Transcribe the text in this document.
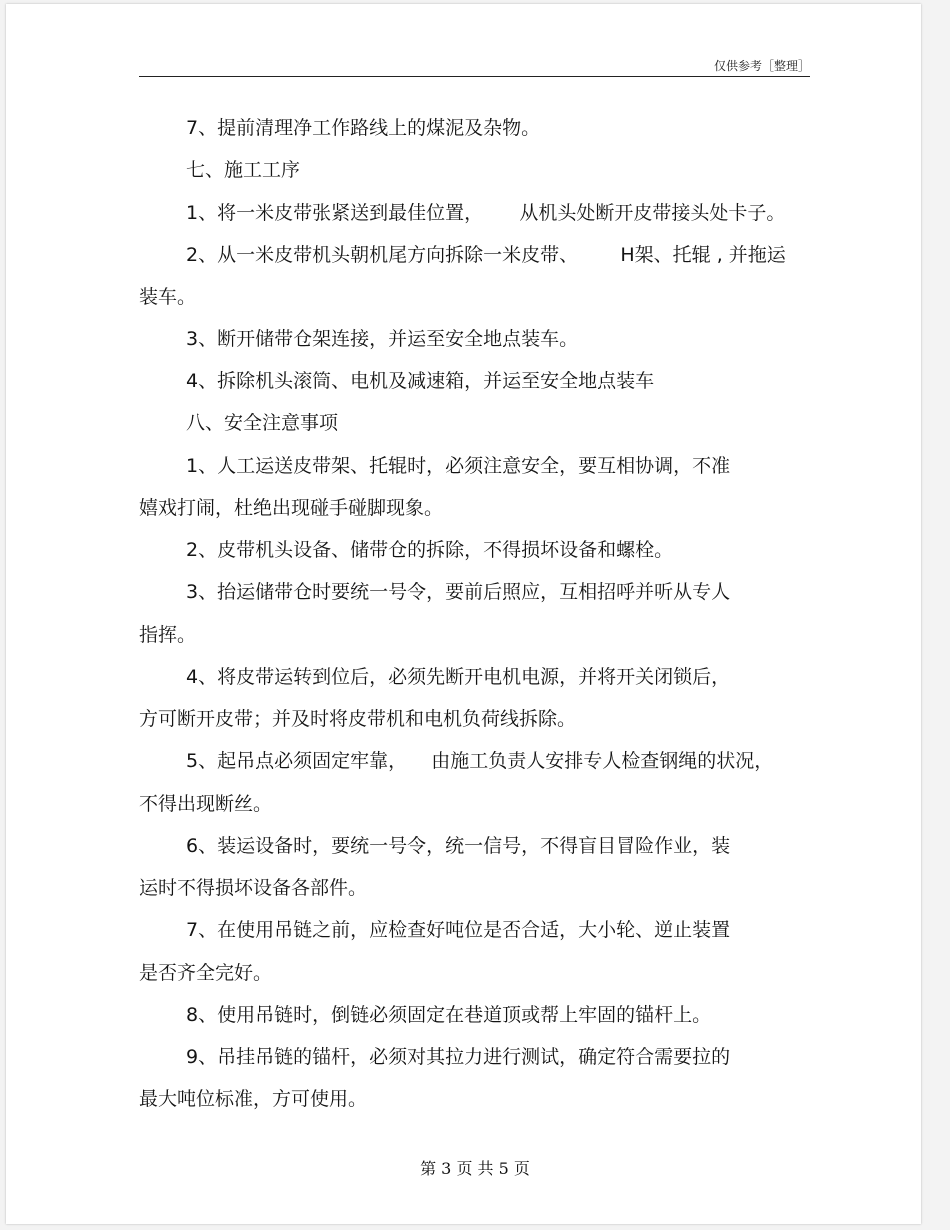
仅供参考［整理］
7、提前清理净工作路线上的煤泥及杂物。
七、施工工序
1、将一米皮带张紧送到最佳位置，      从机头处断开皮带接头处卡子。
2、从一米皮带机头朝机尾方向拆除一米皮带、       H架、托辊 , 并拖运
装车。
3、断开储带仓架连接，并运至安全地点装车。
4、拆除机头滚筒、电机及减速箱，并运至安全地点装车
八、安全注意事项
1、人工运送皮带架、托辊时，必须注意安全，要互相协调，不准
嬉戏打闹，杜绝出现碰手碰脚现象。
2、皮带机头设备、储带仓的拆除，不得损坏设备和螺栓。
3、抬运储带仓时要统一号令，要前后照应，互相招呼并听从专人
指挥。
4、将皮带运转到位后，必须先断开电机电源，并将开关闭锁后，
方可断开皮带；并及时将皮带机和电机负荷线拆除。
5、起吊点必须固定牢靠，    由施工负责人安排专人检查钢绳的状况，
不得出现断丝。
6、装运设备时，要统一号令，统一信号，不得盲目冒险作业，装
运时不得损坏设备各部件。
7、在使用吊链之前，应检查好吨位是否合适，大小轮、逆止装置
是否齐全完好。
8、使用吊链时，倒链必须固定在巷道顶或帮上牢固的锚杆上。
9、吊挂吊链的锚杆，必须对其拉力进行测试，确定符合需要拉的
最大吨位标准，方可使用。
第 3 页 共 5 页
